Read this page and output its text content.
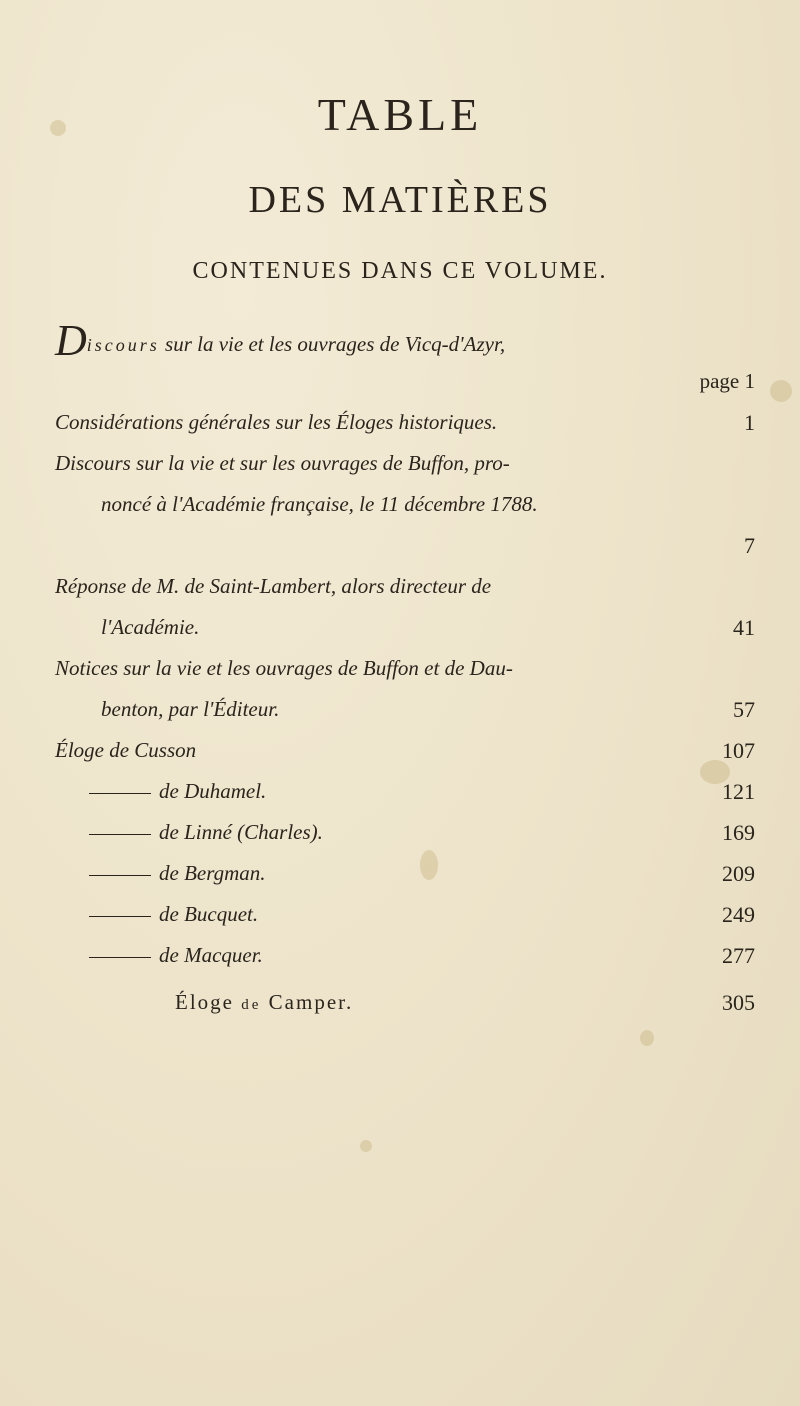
TABLE
DES MATIÈRES
CONTENUES DANS CE VOLUME.
Discours sur la vie et les ouvrages de Vicq-d'Azyr,
page 1
Considérations générales sur les Éloges historiques.	1
Discours sur la vie et sur les ouvrages de Buffon, pro-
noncé à l'Académie française, le 11 décembre 1788.
7
Réponse de M. de Saint-Lambert, alors directeur de
l'Académie.	41
Notices sur la vie et les ouvrages de Buffon et de Dau-
benton, par l'Éditeur.	57
Éloge de Cusson	107
de Duhamel.	121
de Linné (Charles).	169
de Bergman.	209
de Bucquet.	249
de Macquer.	277
Éloge de Camper.	305
